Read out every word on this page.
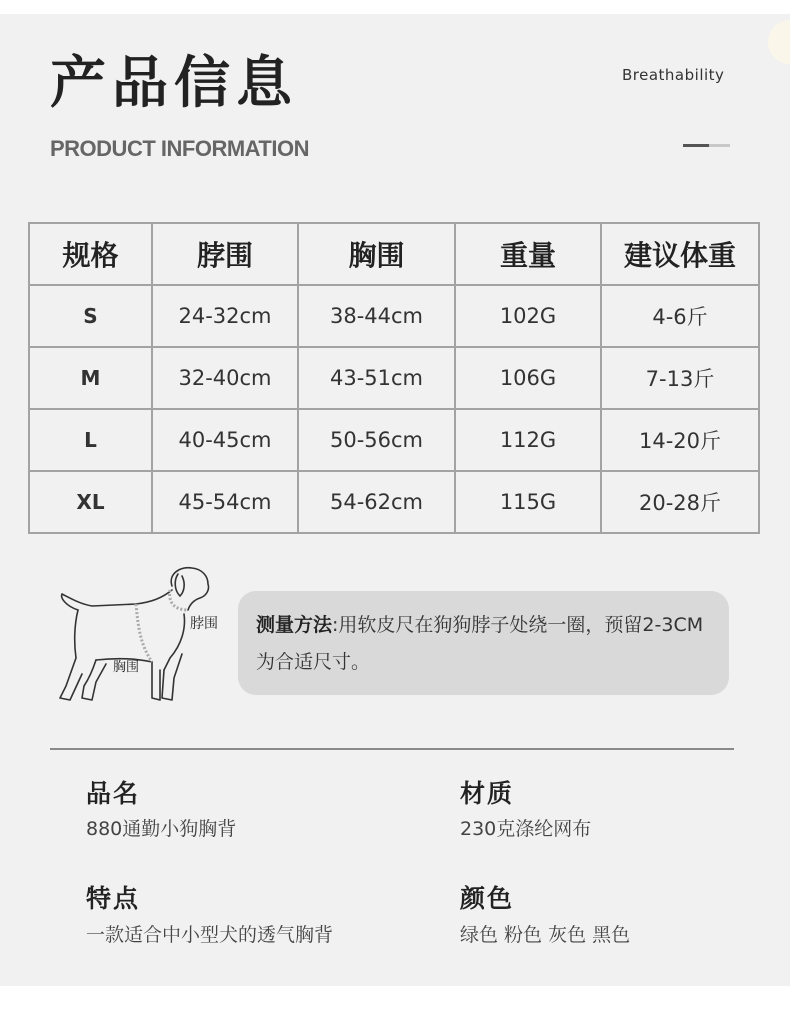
产品信息
PRODUCT INFORMATION
Breathability
规格	脖围	胸围	重量	建议体重
S	24-32cm	38-44cm	102G	4-6斤
M	32-40cm	43-51cm	106G	7-13斤
L	40-45cm	50-56cm	112G	14-20斤
XL	45-54cm	54-62cm	115G	20-28斤
脖围
胸围
测量方法:用软皮尺在狗狗脖子处绕一圈，预留2-3CM为合适尺寸。
品名
880通勤小狗胸背
材质
230克涤纶网布
特点
一款适合中小型犬的透气胸背
颜色
绿色 粉色 灰色 黑色
